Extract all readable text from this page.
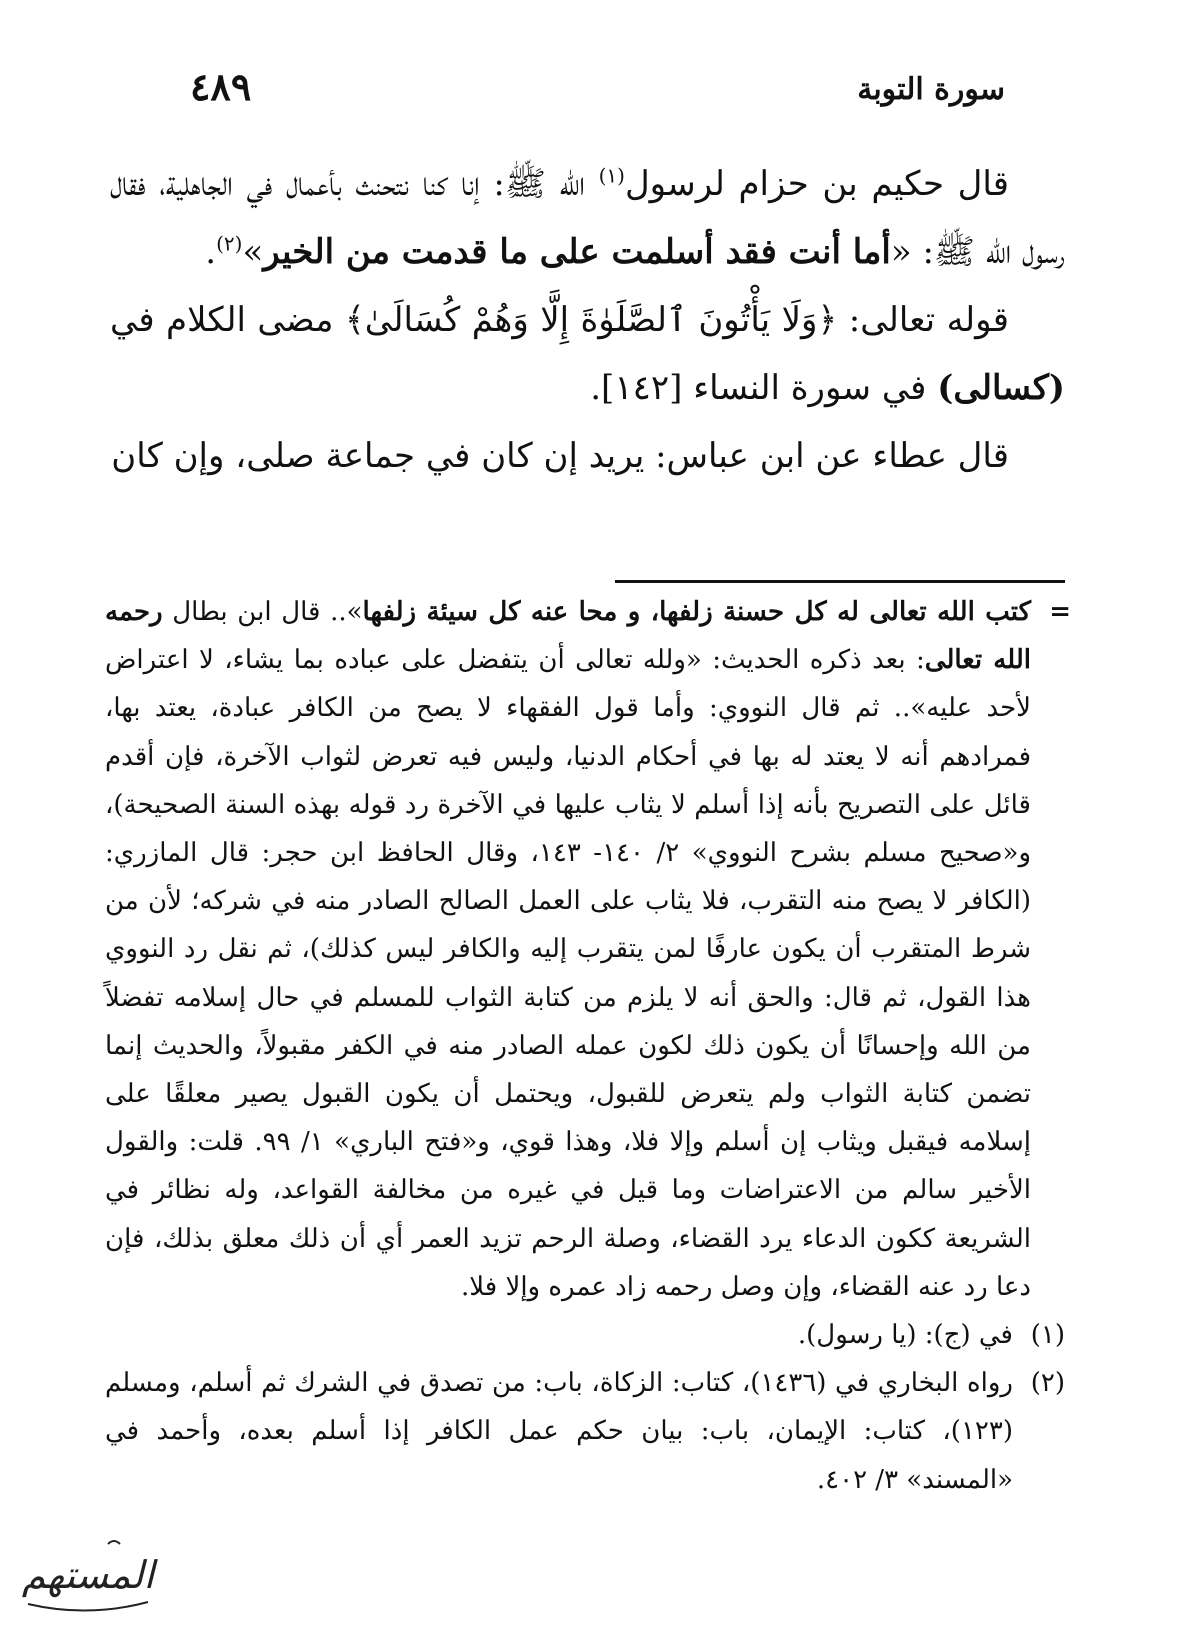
سورة التوبة
٤٨٩

قال حكيم بن حزام لرسول$^{(١)}$ الله ﷺ: إنا كنا نتحنث بأعمال في الجاهلية، فقال رسول الله ﷺ: «أما أنت فقد أسلمت على ما قدمت من الخير»$^{(٢)}$.

قوله تعالى: ﴿وَلَا يَأْتُونَ ٱلصَّلَوٰةَ إِلَّا وَهُمْ كُسَالَىٰ﴾ مضى الكلام في (كسالى) في سورة النساء [١٤٢].

قال عطاء عن ابن عباس: يريد إن كان في جماعة صلى، وإن كان

=

كتب الله تعالى له كل حسنة زلفها، و محا عنه كل سيئة زلفها».. قال ابن بطال رحمه الله تعالى: بعد ذكره الحديث: «ولله تعالى أن يتفضل على عباده بما يشاء، لا اعتراض لأحد عليه».. ثم قال النووي: وأما قول الفقهاء لا يصح من الكافر عبادة، يعتد بها، فمرادهم أنه لا يعتد له بها في أحكام الدنيا، وليس فيه تعرض لثواب الآخرة، فإن أقدم قائل على التصريح بأنه إذا أسلم لا يثاب عليها في الآخرة رد قوله بهذه السنة الصحيحة)، و«صحيح مسلم بشرح النووي» ٢/ ١٤٠- ١٤٣، وقال الحافظ ابن حجر: قال المازري: (الكافر لا يصح منه التقرب، فلا يثاب على العمل الصالح الصادر منه في شركه؛ لأن من شرط المتقرب أن يكون عارفًا لمن يتقرب إليه والكافر ليس كذلك)، ثم نقل رد النووي هذا القول، ثم قال: والحق أنه لا يلزم من كتابة الثواب للمسلم في حال إسلامه تفضلاً من الله وإحسانًا أن يكون ذلك لكون عمله الصادر منه في الكفر مقبولاً، والحديث إنما تضمن كتابة الثواب ولم يتعرض للقبول، ويحتمل أن يكون القبول يصير معلقًا على إسلامه فيقبل ويثاب إن أسلم وإلا فلا، وهذا قوي، و«فتح الباري» ١/ ٩٩. قلت: والقول الأخير سالم من الاعتراضات وما قيل في غيره من مخالفة القواعد، وله نظائر في الشريعة ككون الدعاء يرد القضاء، وصلة الرحم تزيد العمر أي أن ذلك معلق بذلك، فإن دعا رد عنه القضاء، وإن وصل رحمه زاد عمره وإلا فلا.

(١)

في (ج): (يا رسول).

(٢)

رواه البخاري في (١٤٣٦)، كتاب: الزكاة، باب: من تصدق في الشرك ثم أسلم، ومسلم (١٢٣)، كتاب: الإيمان، باب: بيان حكم عمل الكافر إذا أسلم بعده، وأحمد في «المسند» ٣/ ٤٠٢.

المستهم
